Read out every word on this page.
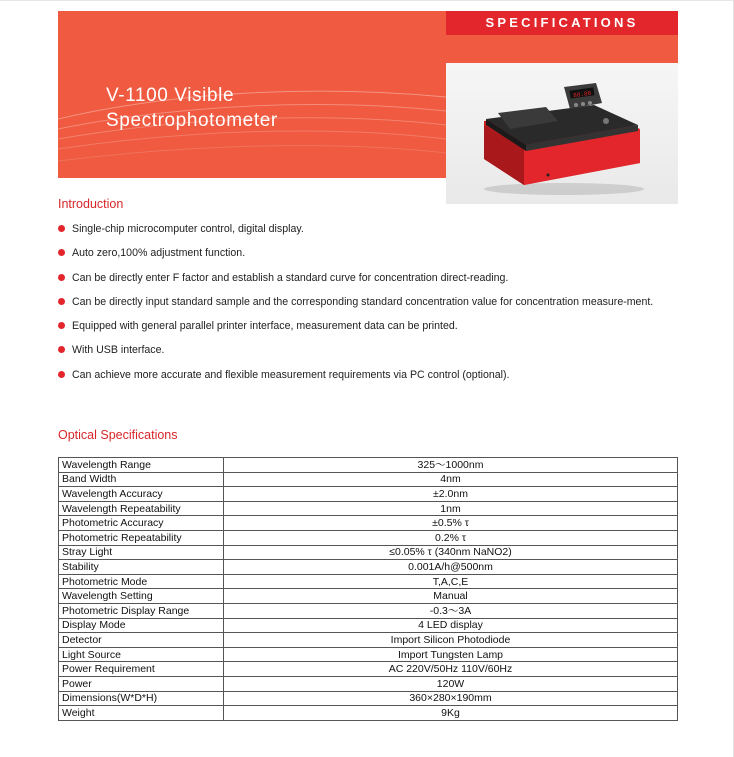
SPECIFICATIONS
V-1100 Visible
Spectrophotometer
88.88
Introduction
Single-chip microcomputer control, digital display.
Auto zero,100% adjustment function.
Can be directly enter F factor and establish a standard curve for concentration direct-reading.
Can be directly input standard sample and the corresponding standard concentration value for concentration measure-ment.
Equipped with general parallel printer interface, measurement data can be printed.
With USB interface.
Can achieve more accurate and flexible measurement requirements via PC control (optional).
Optical Specifications
Wavelength Range	325～1000nm
Band Width	4nm
Wavelength Accuracy	±2.0nm
Wavelength Repeatability	1nm
Photometric Accuracy	±0.5% τ
Photometric Repeatability	0.2% τ
Stray Light	≤0.05% τ (340nm NaNO2)
Stability	0.001A/h@500nm
Photometric Mode	T,A,C,E
Wavelength Setting	Manual
Photometric Display Range	-0.3～3A
Display Mode	4 LED display
Detector	Import Silicon Photodiode
Light Source	Import Tungsten Lamp
Power Requirement	AC 220V/50Hz 110V/60Hz
Power	120W
Dimensions(W*D*H)	360×280×190mm
Weight	9Kg
